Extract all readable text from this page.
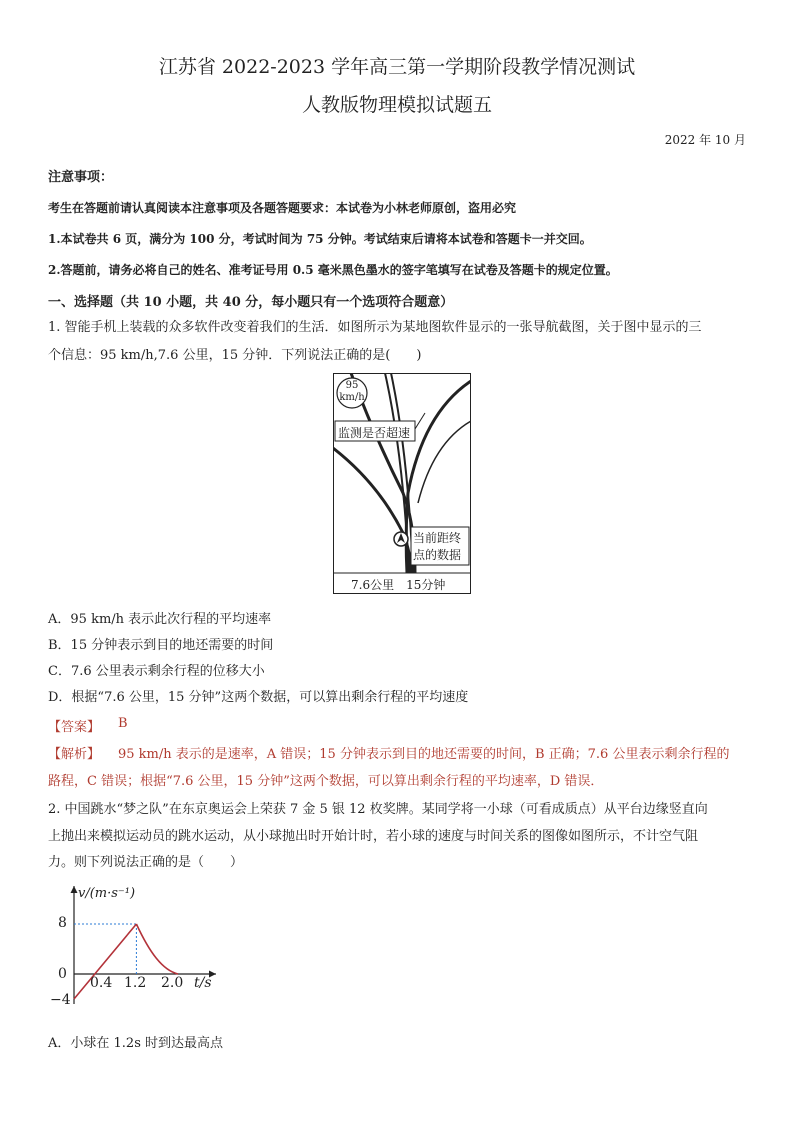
江苏省 2022-2023 学年高三第一学期阶段教学情况测试
人教版物理模拟试题五
2022 年 10 月
注意事项：
考生在答题前请认真阅读本注意事项及各题答题要求：本试卷为小林老师原创，盗用必究
1.本试卷共 6 页，满分为 100 分，考试时间为 75 分钟。考试结束后请将本试卷和答题卡一并交回。
2.答题前，请务必将自己的姓名、准考证号用 0.5 毫米黑色墨水的签字笔填写在试卷及答题卡的规定位置。
一、选择题（共 10 小题，共 40 分，每小题只有一个选项符合题意）
1. 智能手机上装载的众多软件改变着我们的生活．如图所示为某地图软件显示的一张导航截图，关于图中显示的三
个信息：95 km/h,7.6 公里，15 分钟．下列说法正确的是(　　)
95
km/h
监测是否超速
当前距终
点的数据
7.6公里　15分钟
A．95 km/h 表示此次行程的平均速率
B．15 分钟表示到目的地还需要的时间
C．7.6 公里表示剩余行程的位移大小
D．根据“7.6 公里，15 分钟”这两个数据，可以算出剩余行程的平均速度
【答案】 B
【解析】 95 km/h 表示的是速率，A 错误；15 分钟表示到目的地还需要的时间，B 正确；7.6 公里表示剩余行程的
路程，C 错误；根据“7.6 公里，15 分钟”这两个数据，可以算出剩余行程的平均速率，D 错误．
2. 中国跳水“梦之队”在东京奥运会上荣获 7 金 5 银 12 枚奖牌。某同学将一小球（可看成质点）从平台边缘竖直向
上抛出来模拟运动员的跳水运动，从小球抛出时开始计时，若小球的速度与时间关系的图像如图所示，不计空气阻
力。则下列说法正确的是（　　）
v/(m·s⁻¹)
8
0
−4
0.4 1.2 2.0 t/s
A．小球在 1.2s 时到达最高点
